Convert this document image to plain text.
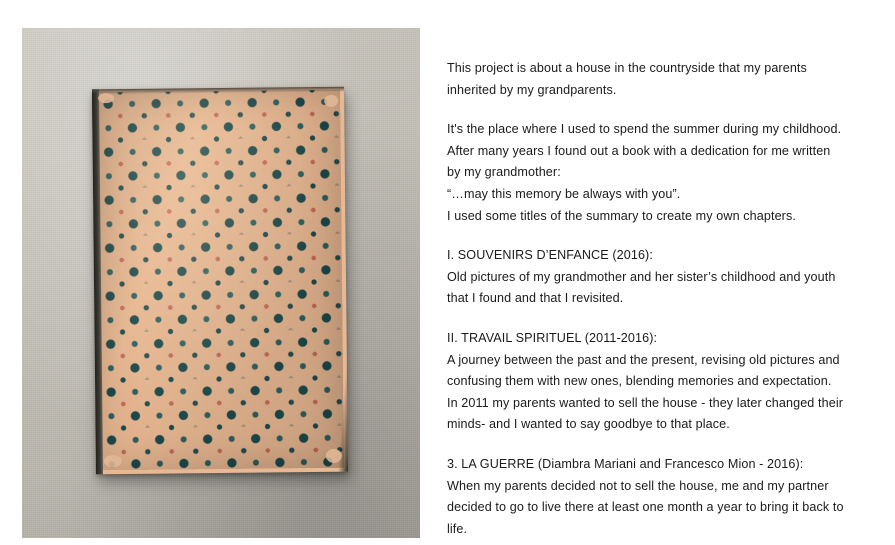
This project is about a house in the countryside that my parents
inherited by my grandparents.

It's the place where I used to spend the summer during my childhood.
After many years I found out a book with a dedication for me written
by my grandmother:
“…may this memory be always with you”.
I used some titles of the summary to create my own chapters.

I. SOUVENIRS D’ENFANCE (2016):
Old pictures of my grandmother and her sister’s childhood and youth
that I found and that I revisited.

II. TRAVAIL SPIRITUEL (2011-2016):
A journey between the past and the present, revising old pictures and
confusing them with new ones, blending memories and expectation.
In 2011 my parents wanted to sell the house - they later changed their
minds- and I wanted to say goodbye to that place.

3. LA GUERRE (Diambra Mariani and Francesco Mion - 2016):
When my parents decided not to sell the house, me and my partner
decided to go to live there at least one month a year to bring it back to
life.
